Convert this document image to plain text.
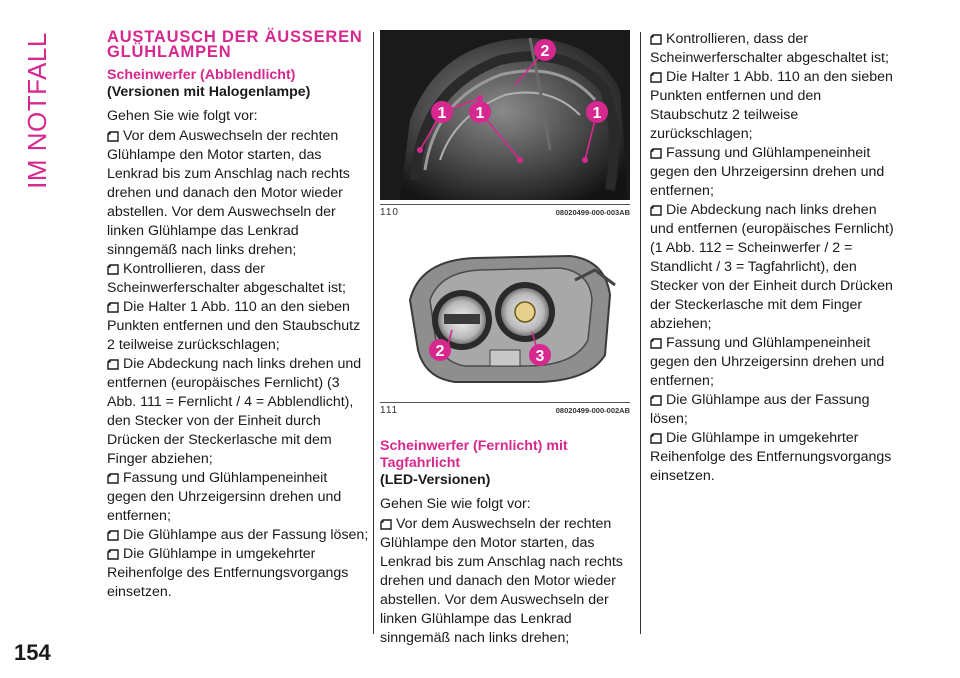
IM NOTFALL	AUSTAUSCH DER ÄUSSEREN GLÜHLAMPEN
Scheinwerfer (Abblendlicht)
(Versionen mit Halogenlampe)

Gehen Sie wie folgt vor:

Vor dem Auswechseln der rechten Glühlampe den Motor starten, das Lenkrad bis zum Anschlag nach rechts drehen und danach den Motor wieder abstellen. Vor dem Auswechseln der linken Glühlampe das Lenkrad sinngemäß nach links drehen;

Kontrollieren, dass der Scheinwerferschalter abgeschaltet ist;

Die Halter 1 Abb. 110 an den sieben Punkten entfernen und den Staubschutz 2 teilweise zurückschlagen;

Die Abdeckung nach links drehen und entfernen (europäisches Fernlicht) (3 Abb. 111 = Fernlicht / 4 = Abblendlicht), den Stecker von der Einheit durch Drücken der Steckerlasche mit dem Finger abziehen;

Fassung und Glühlampeneinheit gegen den Uhrzeigersinn drehen und entfernen;

Die Glühlampe aus der Fassung lösen;

Die Glühlampe in umgekehrter Reihenfolge des Entfernungsvorgangs einsetzen.

2
1 1	1
110	08020499-000-003AB
2	3
111	08020499-000-002AB
Scheinwerfer (Fernlicht) mit Tagfahrlicht
(LED-Versionen)

Gehen Sie wie folgt vor:

Vor dem Auswechseln der rechten Glühlampe den Motor starten, das Lenkrad bis zum Anschlag nach rechts drehen und danach den Motor wieder abstellen. Vor dem Auswechseln der linken Glühlampe das Lenkrad sinngemäß nach links drehen;

Kontrollieren, dass der Scheinwerferschalter abgeschaltet ist;

Die Halter 1 Abb. 110 an den sieben Punkten entfernen und den Staubschutz 2 teilweise zurückschlagen;

Fassung und Glühlampeneinheit gegen den Uhrzeigersinn drehen und entfernen;

Die Abdeckung nach links drehen und entfernen (europäisches Fernlicht) (1 Abb. 112 = Scheinwerfer / 2 = Standlicht / 3 = Tagfahrlicht), den Stecker von der Einheit durch Drücken der Steckerlasche mit dem Finger abziehen;

Fassung und Glühlampeneinheit gegen den Uhrzeigersinn drehen und entfernen;

Die Glühlampe aus der Fassung lösen;

Die Glühlampe in umgekehrter Reihenfolge des Entfernungsvorgangs einsetzen.

154
